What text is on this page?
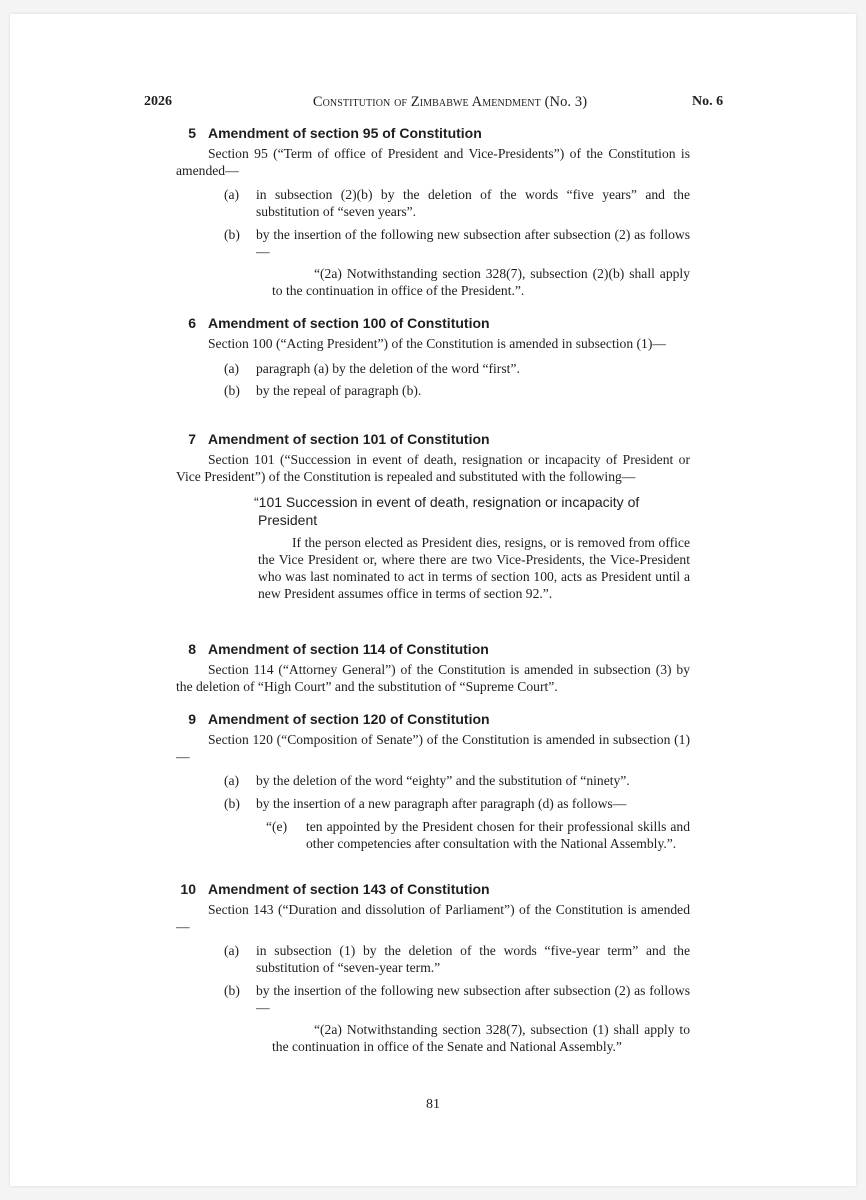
2026	Constitution of Zimbabwe Amendment (No. 3)	No. 6
5 Amendment of section 95 of Constitution

Section 95 (“Term of office of President and Vice-Presidents”) of the Constitution is amended—

(a)	in subsection (2)(b) by the deletion of the words “five years” and the substitution of “seven years”.
(b)	by the insertion of the following new subsection after subsection (2) as follows—

“(2a) Notwithstanding section 328(7), subsection (2)(b) shall apply to the continuation in office of the President.”.

6 Amendment of section 100 of Constitution

Section 100 (“Acting President”) of the Constitution is amended in subsection (1)—

(a)	paragraph (a) by the deletion of the word “first”.
(b)	by the repeal of paragraph (b).
7 Amendment of section 101 of Constitution

Section 101 (“Succession in event of death, resignation or incapacity of President or Vice President”) of the Constitution is repealed and substituted with the following—

“101 Succession in event of death, resignation or incapacity of President

If the person elected as President dies, resigns, or is removed from office the Vice President or, where there are two Vice-Presidents, the Vice-President who was last nominated to act in terms of section 100, acts as President until a new President assumes office in terms of section 92.”.

8 Amendment of section 114 of Constitution

Section 114 (“Attorney General”) of the Constitution is amended in subsection (3) by the deletion of “High Court” and the substitution of “Supreme Court”.

9 Amendment of section 120 of Constitution

Section 120 (“Composition of Senate”) of the Constitution is amended in subsection (1)—

(a)	by the deletion of the word “eighty” and the substitution of “ninety”.
(b)	by the insertion of a new paragraph after paragraph (d) as follows—
“(e)	ten appointed by the President chosen for their professional skills and other competencies after consultation with the National Assembly.”.
10 Amendment of section 143 of Constitution

Section 143 (“Duration and dissolution of Parliament”) of the Constitution is amended—

(a)	in subsection (1) by the deletion of the words “five-year term” and the substitution of “seven-year term.”
(b)	by the insertion of the following new subsection after subsection (2) as follows—

“(2a) Notwithstanding section 328(7), subsection (1) shall apply to the continuation in office of the Senate and National Assembly.”

81
